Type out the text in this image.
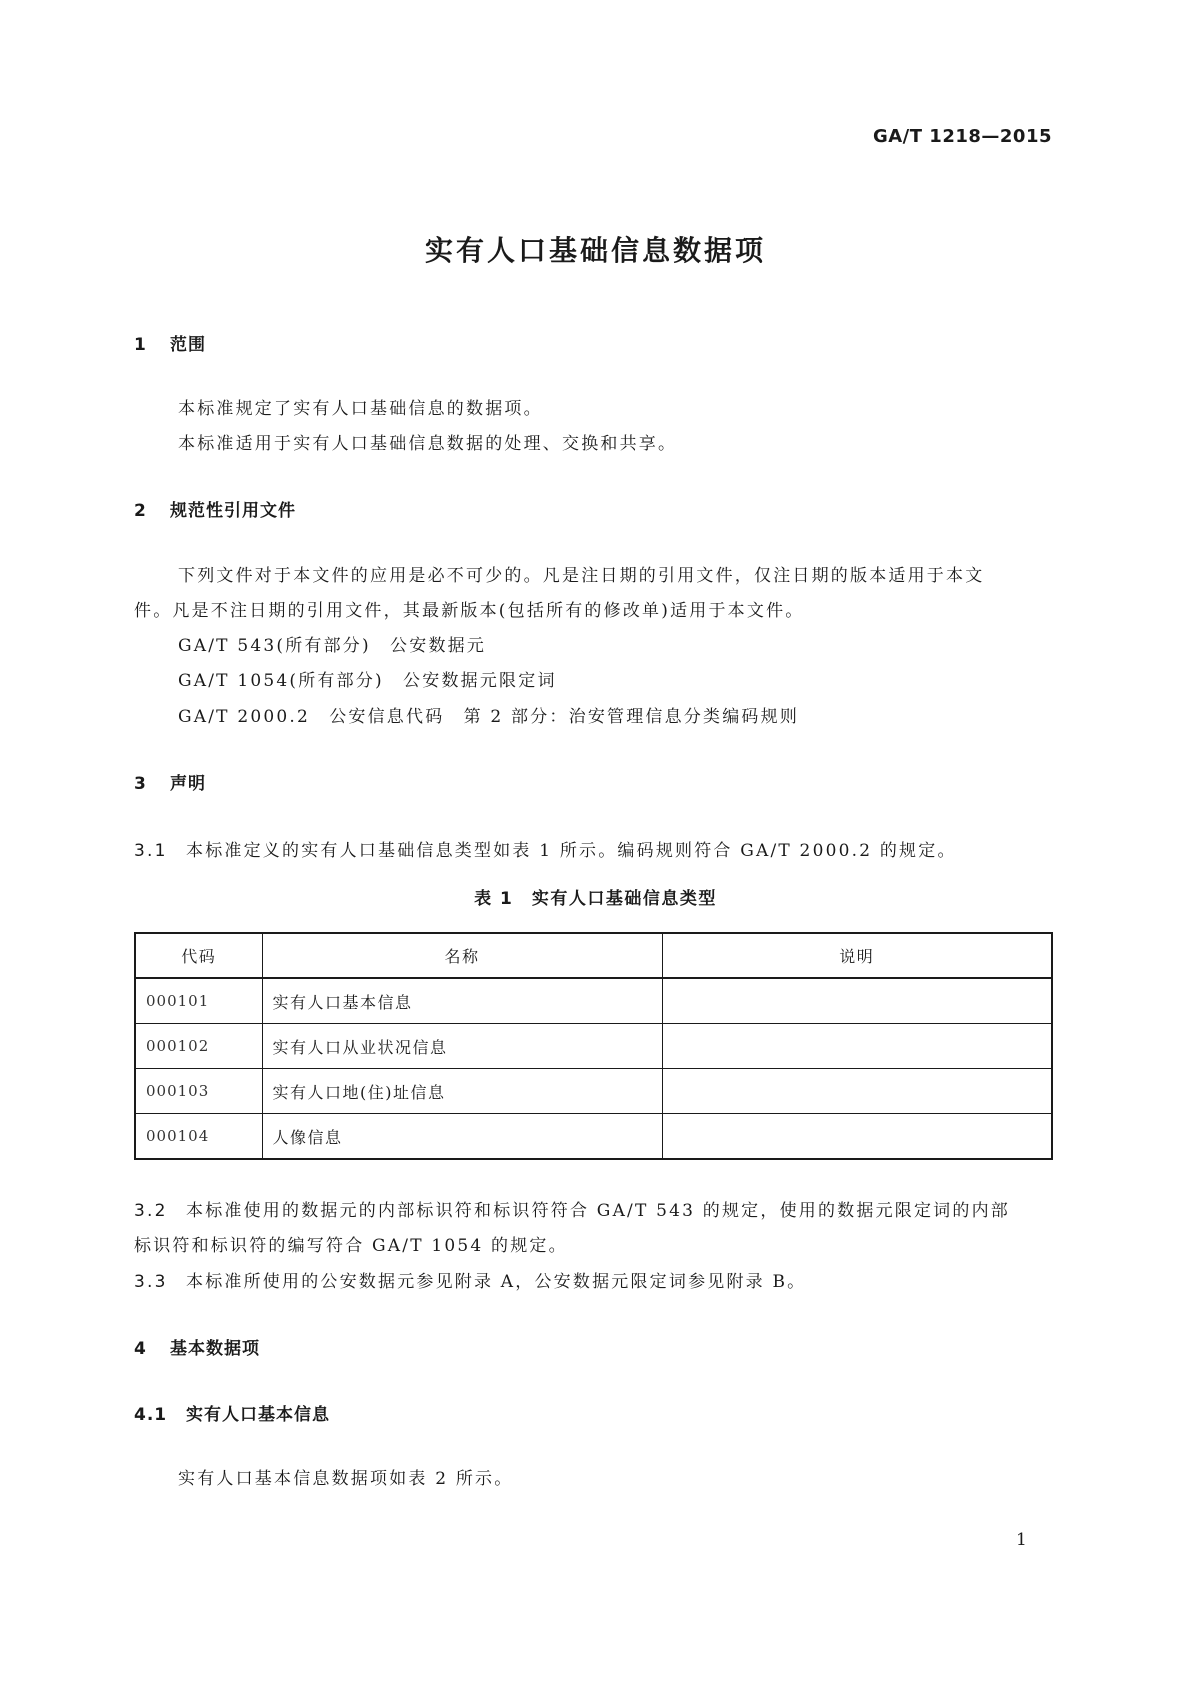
GA/T 1218—2015
实有人口基础信息数据项
1 范围
本标准规定了实有人口基础信息的数据项。
本标准适用于实有人口基础信息数据的处理、交换和共享。
2 规范性引用文件
下列文件对于本文件的应用是必不可少的。凡是注日期的引用文件，仅注日期的版本适用于本文
件。凡是不注日期的引用文件，其最新版本(包括所有的修改单)适用于本文件。
GA/T 543(所有部分)　公安数据元
GA/T 1054(所有部分)　公安数据元限定词
GA/T 2000.2　公安信息代码　第 2 部分：治安管理信息分类编码规则
3 声明
3.1 本标准定义的实有人口基础信息类型如表 1 所示。编码规则符合 GA/T 2000.2 的规定。
表 1　实有人口基础信息类型
代码	名称	说明
000101	实有人口基本信息	
000102	实有人口从业状况信息	
000103	实有人口地(住)址信息	
000104	人像信息	
3.2 本标准使用的数据元的内部标识符和标识符符合 GA/T 543 的规定，使用的数据元限定词的内部
标识符和标识符的编写符合 GA/T 1054 的规定。
3.3 本标准所使用的公安数据元参见附录 A，公安数据元限定词参见附录 B。
4 基本数据项
4.1 实有人口基本信息
实有人口基本信息数据项如表 2 所示。
1
